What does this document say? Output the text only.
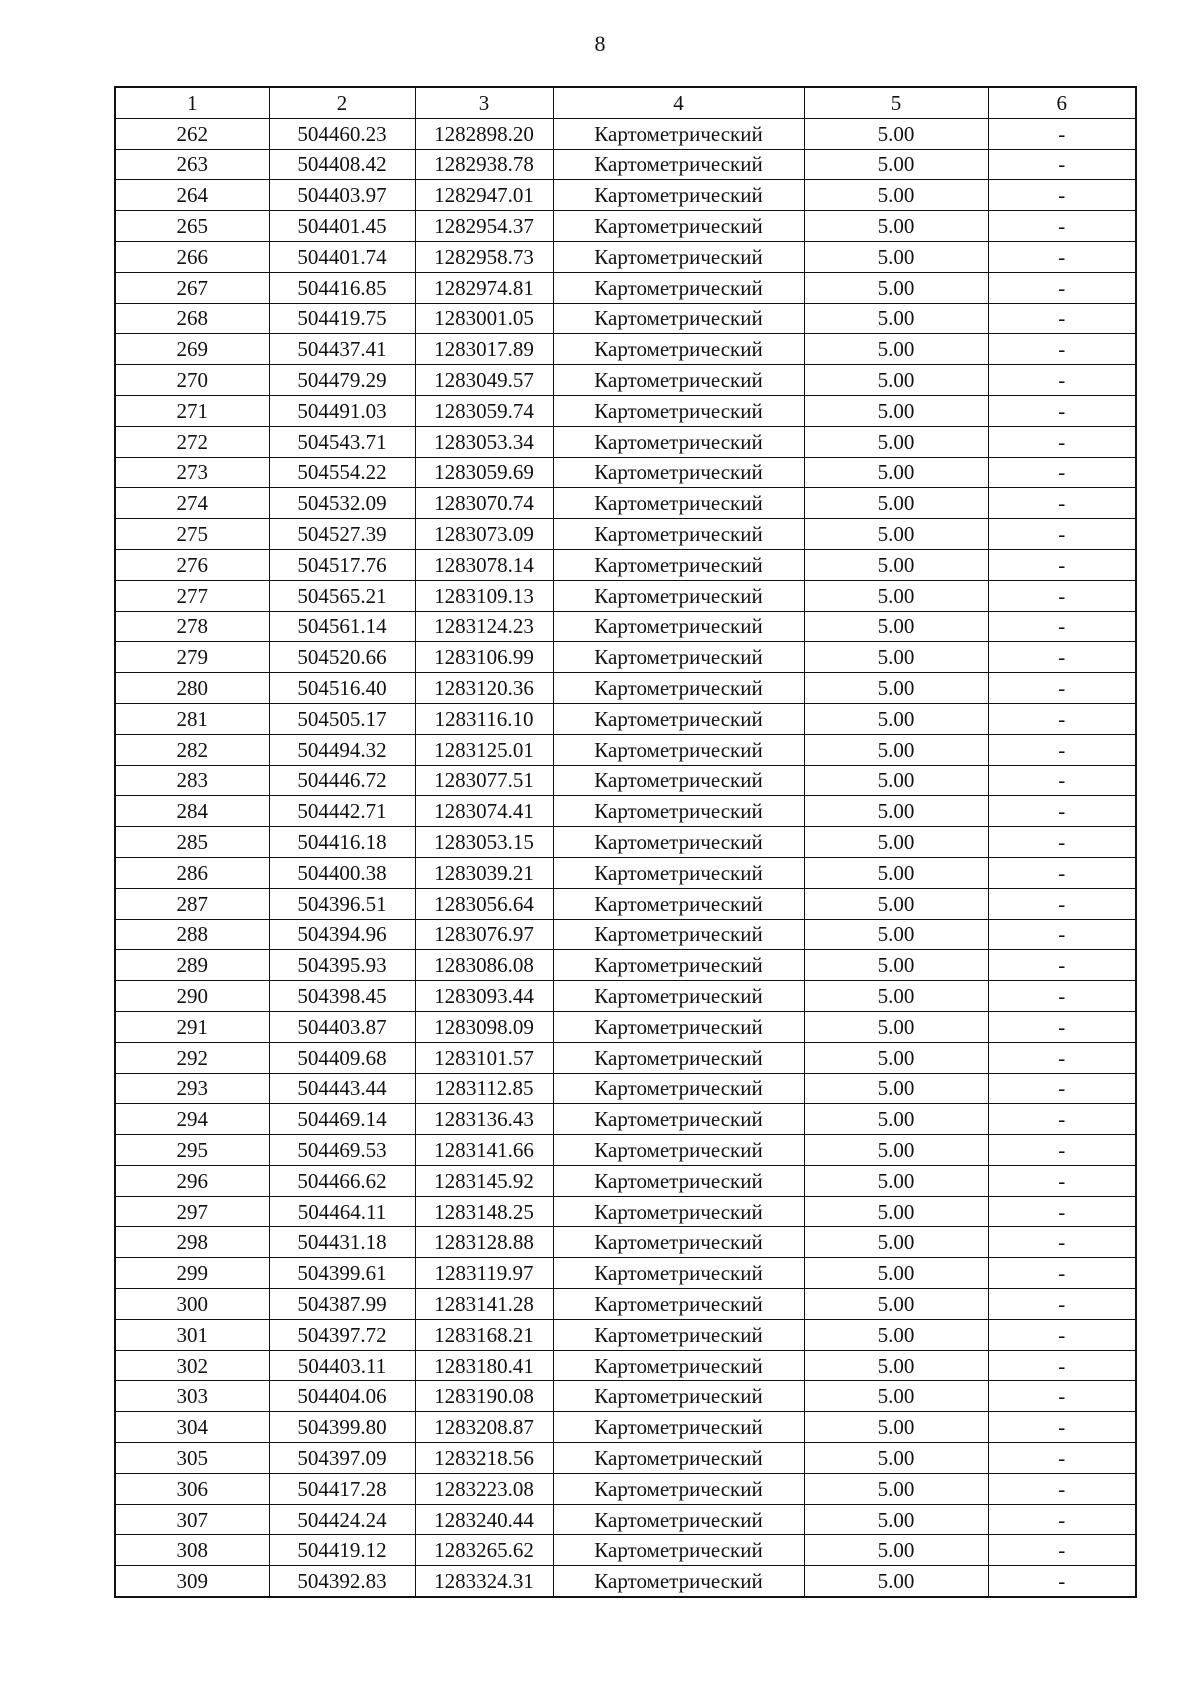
8
1	2	3	4	5	6
262	504460.23	1282898.20	Картометрический	5.00	-
263	504408.42	1282938.78	Картометрический	5.00	-
264	504403.97	1282947.01	Картометрический	5.00	-
265	504401.45	1282954.37	Картометрический	5.00	-
266	504401.74	1282958.73	Картометрический	5.00	-
267	504416.85	1282974.81	Картометрический	5.00	-
268	504419.75	1283001.05	Картометрический	5.00	-
269	504437.41	1283017.89	Картометрический	5.00	-
270	504479.29	1283049.57	Картометрический	5.00	-
271	504491.03	1283059.74	Картометрический	5.00	-
272	504543.71	1283053.34	Картометрический	5.00	-
273	504554.22	1283059.69	Картометрический	5.00	-
274	504532.09	1283070.74	Картометрический	5.00	-
275	504527.39	1283073.09	Картометрический	5.00	-
276	504517.76	1283078.14	Картометрический	5.00	-
277	504565.21	1283109.13	Картометрический	5.00	-
278	504561.14	1283124.23	Картометрический	5.00	-
279	504520.66	1283106.99	Картометрический	5.00	-
280	504516.40	1283120.36	Картометрический	5.00	-
281	504505.17	1283116.10	Картометрический	5.00	-
282	504494.32	1283125.01	Картометрический	5.00	-
283	504446.72	1283077.51	Картометрический	5.00	-
284	504442.71	1283074.41	Картометрический	5.00	-
285	504416.18	1283053.15	Картометрический	5.00	-
286	504400.38	1283039.21	Картометрический	5.00	-
287	504396.51	1283056.64	Картометрический	5.00	-
288	504394.96	1283076.97	Картометрический	5.00	-
289	504395.93	1283086.08	Картометрический	5.00	-
290	504398.45	1283093.44	Картометрический	5.00	-
291	504403.87	1283098.09	Картометрический	5.00	-
292	504409.68	1283101.57	Картометрический	5.00	-
293	504443.44	1283112.85	Картометрический	5.00	-
294	504469.14	1283136.43	Картометрический	5.00	-
295	504469.53	1283141.66	Картометрический	5.00	-
296	504466.62	1283145.92	Картометрический	5.00	-
297	504464.11	1283148.25	Картометрический	5.00	-
298	504431.18	1283128.88	Картометрический	5.00	-
299	504399.61	1283119.97	Картометрический	5.00	-
300	504387.99	1283141.28	Картометрический	5.00	-
301	504397.72	1283168.21	Картометрический	5.00	-
302	504403.11	1283180.41	Картометрический	5.00	-
303	504404.06	1283190.08	Картометрический	5.00	-
304	504399.80	1283208.87	Картометрический	5.00	-
305	504397.09	1283218.56	Картометрический	5.00	-
306	504417.28	1283223.08	Картометрический	5.00	-
307	504424.24	1283240.44	Картометрический	5.00	-
308	504419.12	1283265.62	Картометрический	5.00	-
309	504392.83	1283324.31	Картометрический	5.00	-
